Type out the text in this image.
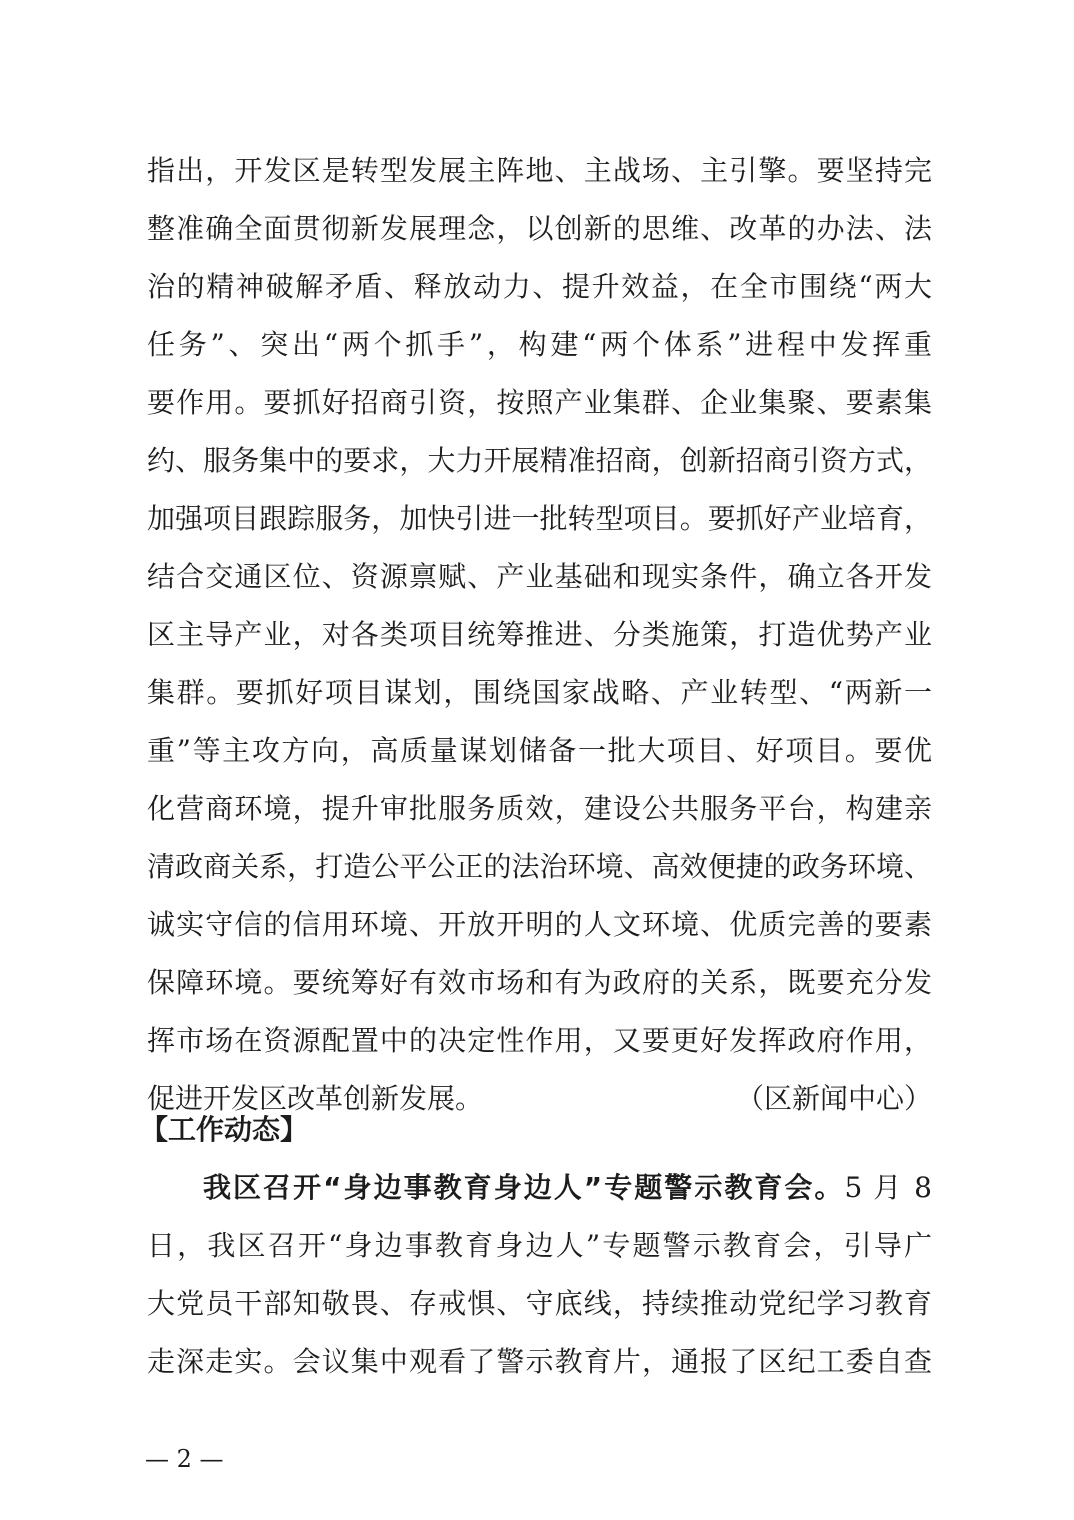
指出，开发区是转型发展主阵地、主战场、主引擎。要坚持完
整准确全面贯彻新发展理念，以创新的思维、改革的办法、法
治的精神破解矛盾、释放动力、提升效益，在全市围绕“两大
任务”、突出“两个抓手”，构建“两个体系”进程中发挥重
要作用。要抓好招商引资，按照产业集群、企业集聚、要素集
约、服务集中的要求，大力开展精准招商，创新招商引资方式，
加强项目跟踪服务，加快引进一批转型项目。要抓好产业培育，
结合交通区位、资源禀赋、产业基础和现实条件，确立各开发
区主导产业，对各类项目统筹推进、分类施策，打造优势产业
集群。要抓好项目谋划，围绕国家战略、产业转型、“两新一
重”等主攻方向，高质量谋划储备一批大项目、好项目。要优
化营商环境，提升审批服务质效，建设公共服务平台，构建亲
清政商关系，打造公平公正的法治环境、高效便捷的政务环境、
诚实守信的信用环境、开放开明的人文环境、优质完善的要素
保障环境。要统筹好有效市场和有为政府的关系，既要充分发
挥市场在资源配置中的决定性作用，又要更好发挥政府作用，
促进开发区改革创新发展。	（区新闻中心）
【工作动态】
我区召开“身边事教育身边人”专题警示教育会。5 月 8
日，我区召开“身边事教育身边人”专题警示教育会，引导广
大党员干部知敬畏、存戒惧、守底线，持续推动党纪学习教育
走深走实。会议集中观看了警示教育片，通报了区纪工委自查
— 2 —
